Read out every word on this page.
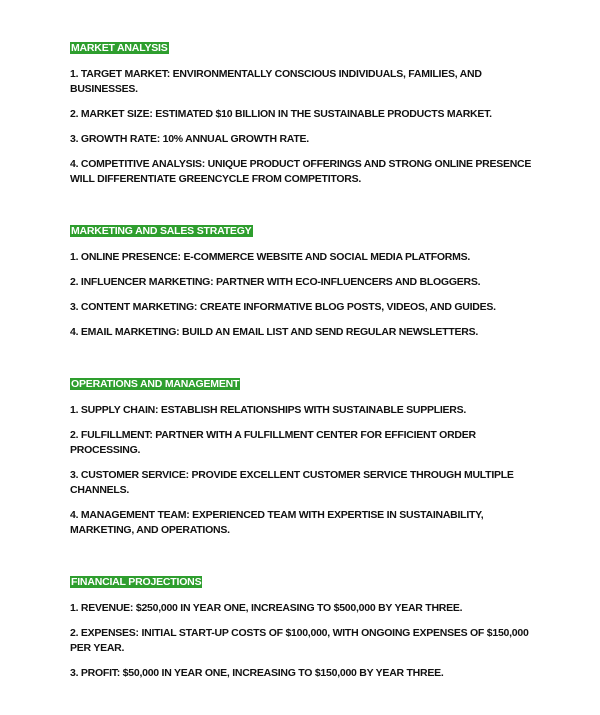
MARKET ANALYSIS
1. TARGET MARKET: ENVIRONMENTALLY CONSCIOUS INDIVIDUALS, FAMILIES, AND BUSINESSES.
2. MARKET SIZE: ESTIMATED $10 BILLION IN THE SUSTAINABLE PRODUCTS MARKET.
3. GROWTH RATE: 10% ANNUAL GROWTH RATE.
4. COMPETITIVE ANALYSIS: UNIQUE PRODUCT OFFERINGS AND STRONG ONLINE PRESENCE WILL DIFFERENTIATE GREENCYCLE FROM COMPETITORS.
MARKETING AND SALES STRATEGY
1. ONLINE PRESENCE: E-COMMERCE WEBSITE AND SOCIAL MEDIA PLATFORMS.
2. INFLUENCER MARKETING: PARTNER WITH ECO-INFLUENCERS AND BLOGGERS.
3. CONTENT MARKETING: CREATE INFORMATIVE BLOG POSTS, VIDEOS, AND GUIDES.
4. EMAIL MARKETING: BUILD AN EMAIL LIST AND SEND REGULAR NEWSLETTERS.
OPERATIONS AND MANAGEMENT
1. SUPPLY CHAIN: ESTABLISH RELATIONSHIPS WITH SUSTAINABLE SUPPLIERS.
2. FULFILLMENT: PARTNER WITH A FULFILLMENT CENTER FOR EFFICIENT ORDER PROCESSING.
3. CUSTOMER SERVICE: PROVIDE EXCELLENT CUSTOMER SERVICE THROUGH MULTIPLE CHANNELS.
4. MANAGEMENT TEAM: EXPERIENCED TEAM WITH EXPERTISE IN SUSTAINABILITY, MARKETING, AND OPERATIONS.
FINANCIAL PROJECTIONS
1. REVENUE: $250,000 IN YEAR ONE, INCREASING TO $500,000 BY YEAR THREE.
2. EXPENSES: INITIAL START-UP COSTS OF $100,000, WITH ONGOING EXPENSES OF $150,000 PER YEAR.
3. PROFIT: $50,000 IN YEAR ONE, INCREASING TO $150,000 BY YEAR THREE.
